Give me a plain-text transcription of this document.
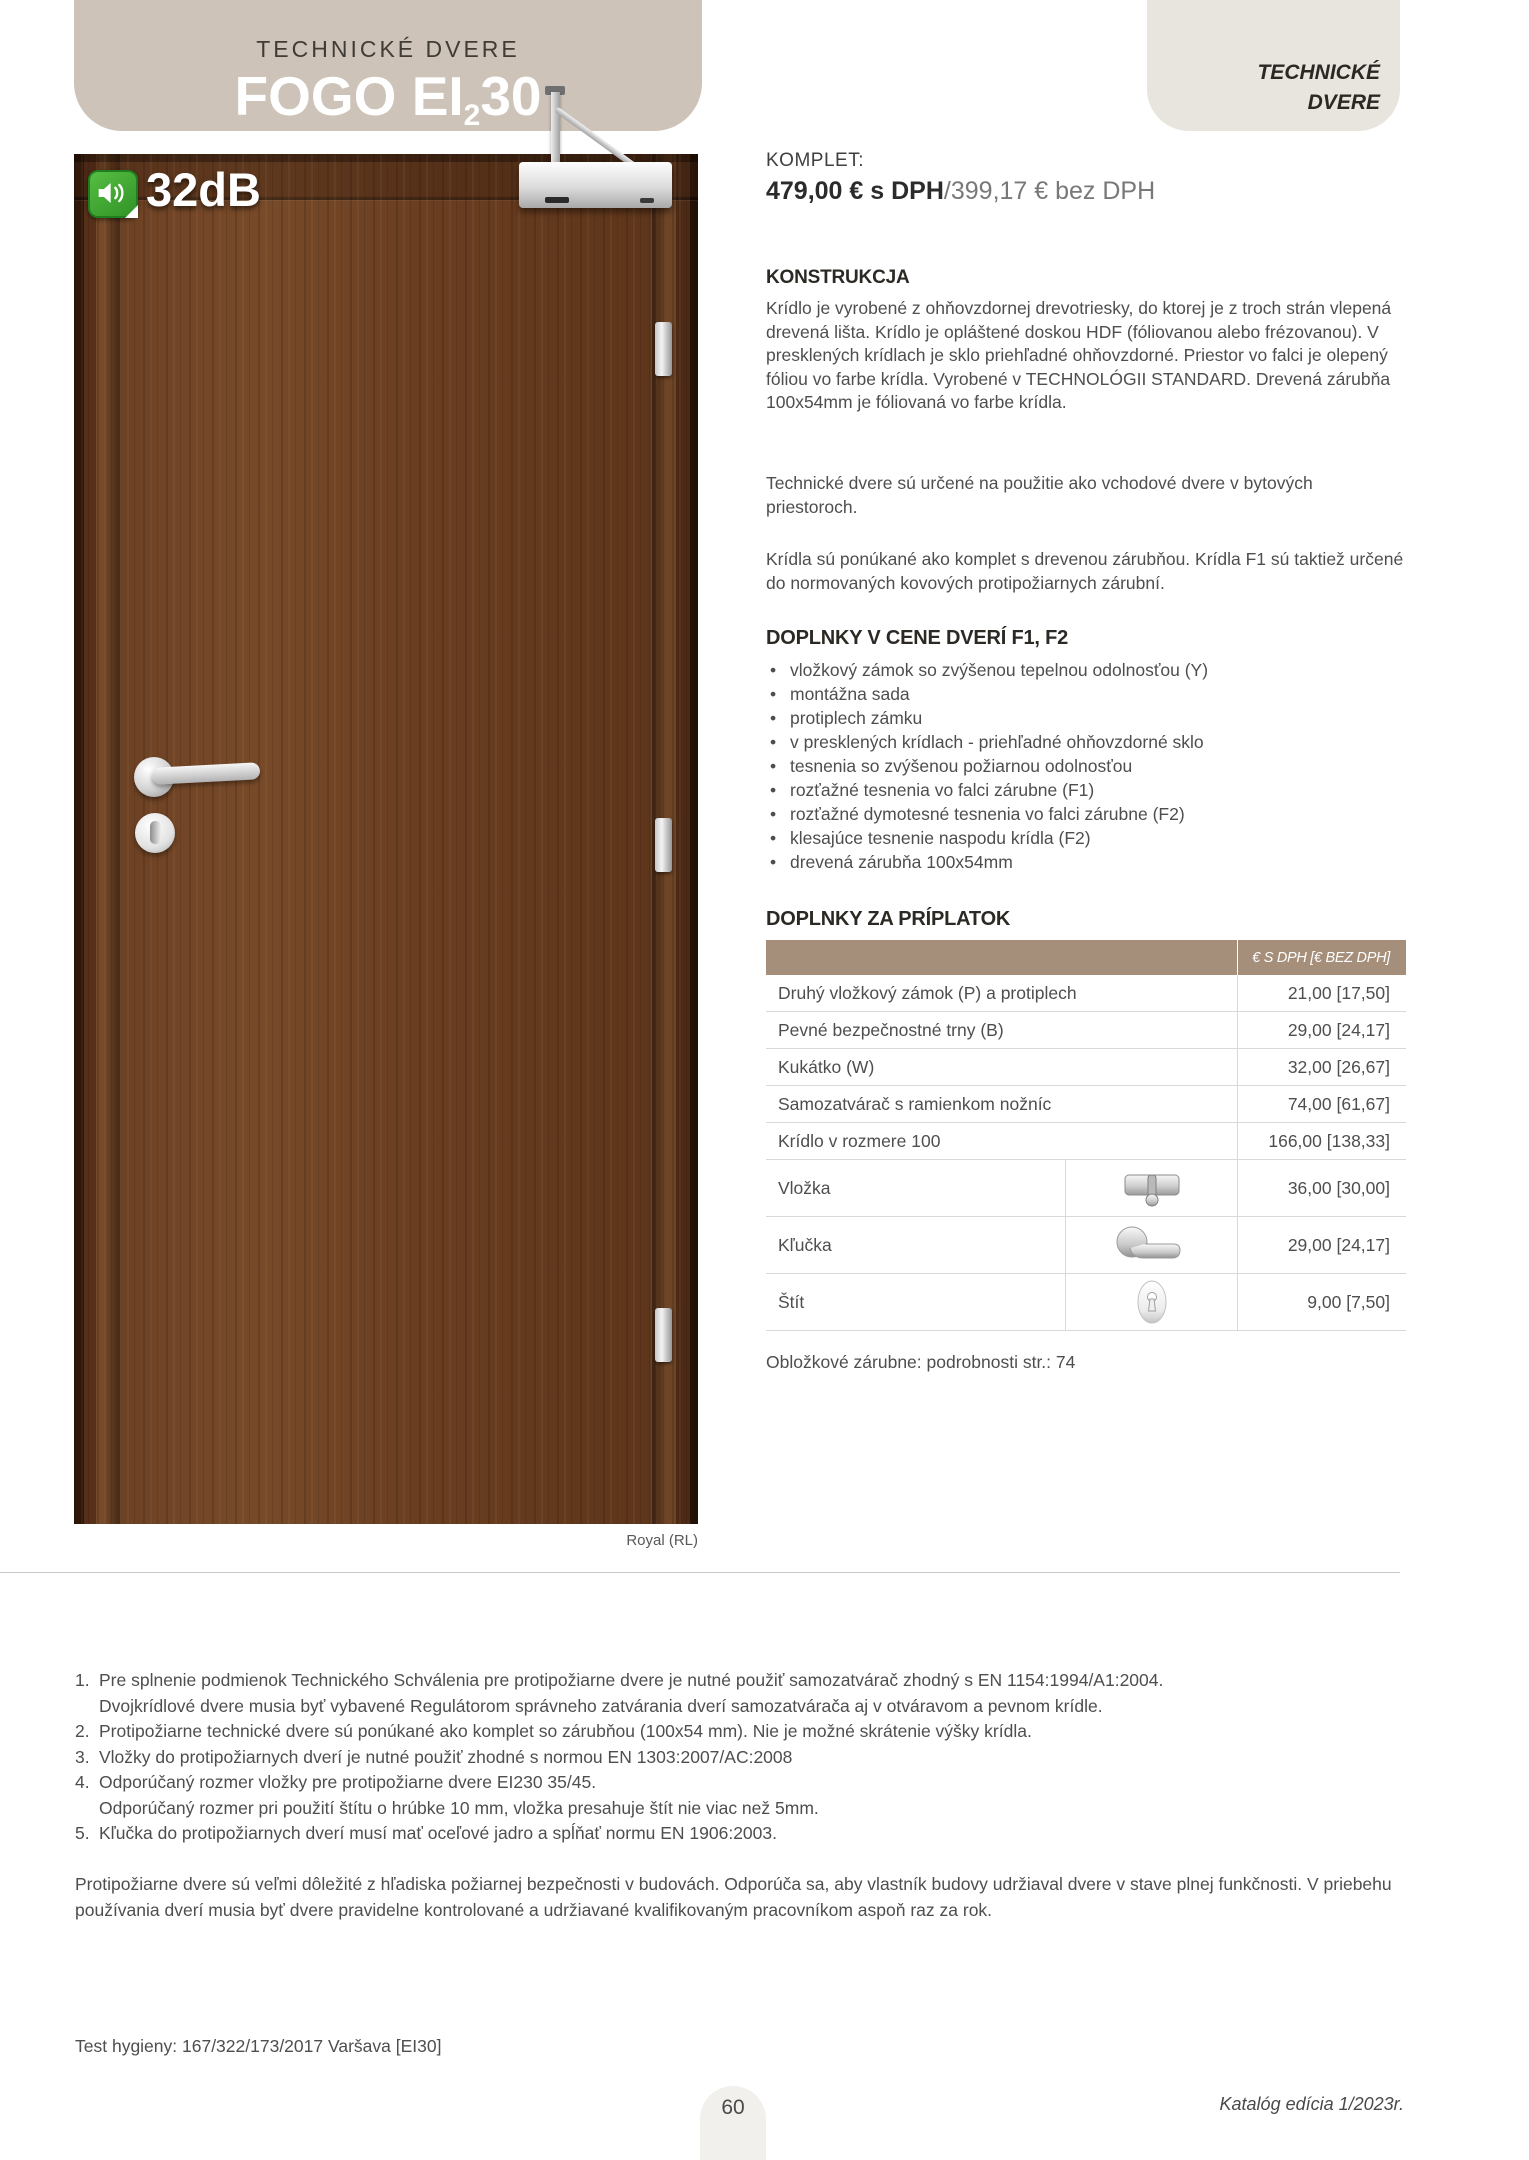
TECHNICKÉ DVERE
FOGO $EI_230$	TECHNICKÉ
DVERE
32dB
Royal (RL)
KOMPLET:
479,00 € s DPH/399,17 € bez DPH
KONSTRUKCJA
Krídlo je vyrobené z ohňovzdornej drevotriesky, do ktorej je z troch strán vlepená drevená lišta. Krídlo je opláštené doskou HDF (fóliovanou alebo frézovanou). V presklených krídlach je sklo priehľadné ohňovzdorné. Priestor vo falci je olepený fóliou vo farbe krídla. Vyrobené v TECHNOLÓGII STANDARD. Drevená zárubňa 100x54mm je fóliovaná vo farbe krídla.
Technické dvere sú určené na použitie ako vchodové dvere v bytových priestoroch.
Krídla sú ponúkané ako komplet s drevenou zárubňou. Krídla F1 sú taktiež určené do normovaných kovových protipožiarnych zárubní.
DOPLNKY V CENE DVERÍ F1, F2
• vložkový zámok so zvýšenou tepelnou odolnosťou (Y)
• montážna sada
• protiplech zámku
• v presklených krídlach - priehľadné ohňovzdorné sklo
• tesnenia so zvýšenou požiarnou odolnosťou
• rozťažné tesnenia vo falci zárubne (F1)
• rozťažné dymotesné tesnenia vo falci zárubne (F2)
• klesajúce tesnenie naspodu krídla (F2)
• drevená zárubňa 100x54mm
DOPLNKY ZA PRÍPLATOK
€ S DPH [€ BEZ DPH]
Druhý vložkový zámok (P) a protiplech	21,00 [17,50]
Pevné bezpečnostné trny (B)	29,00 [24,17]
Kukátko (W)	32,00 [26,67]
Samozatvárač s ramienkom nožníc	74,00 [61,67]
Krídlo v rozmere 100	166,00 [138,33]
Vložka	36,00 [30,00]
Kľučka	29,00 [24,17]
Štít	9,00 [7,50]
Obložkové zárubne: podrobnosti str.: 74
1. Pre splnenie podmienok Technického Schválenia pre protipožiarne dvere je nutné použiť samozatvárač zhodný s EN 1154:1994/A1:2004.
Dvojkrídlové dvere musia byť vybavené Regulátorom správneho zatvárania dverí samozatvárača aj v otváravom a pevnom krídle.
2. Protipožiarne technické dvere sú ponúkané ako komplet so zárubňou (100x54 mm). Nie je možné skrátenie výšky krídla.
3. Vložky do protipožiarnych dverí je nutné použiť zhodné s normou EN 1303:2007/AC:2008
4. Odporúčaný rozmer vložky pre protipožiarne dvere EI230 35/45.
Odporúčaný rozmer pri použití štítu o hrúbke 10 mm, vložka presahuje štít nie viac než 5mm.
5. Kľučka do protipožiarnych dverí musí mať oceľové jadro a spĺňať normu EN 1906:2003.
Protipožiarne dvere sú veľmi dôležité z hľadiska požiarnej bezpečnosti v budovách. Odporúča sa, aby vlastník budovy udržiaval dvere v stave plnej funkčnosti. V priebehu používania dverí musia byť dvere pravidelne kontrolované a udržiavané kvalifikovaným pracovníkom aspoň raz za rok.
Test hygieny: 167/322/173/2017 Varšava [EI30]
60	Katalóg edícia 1/2023r.
